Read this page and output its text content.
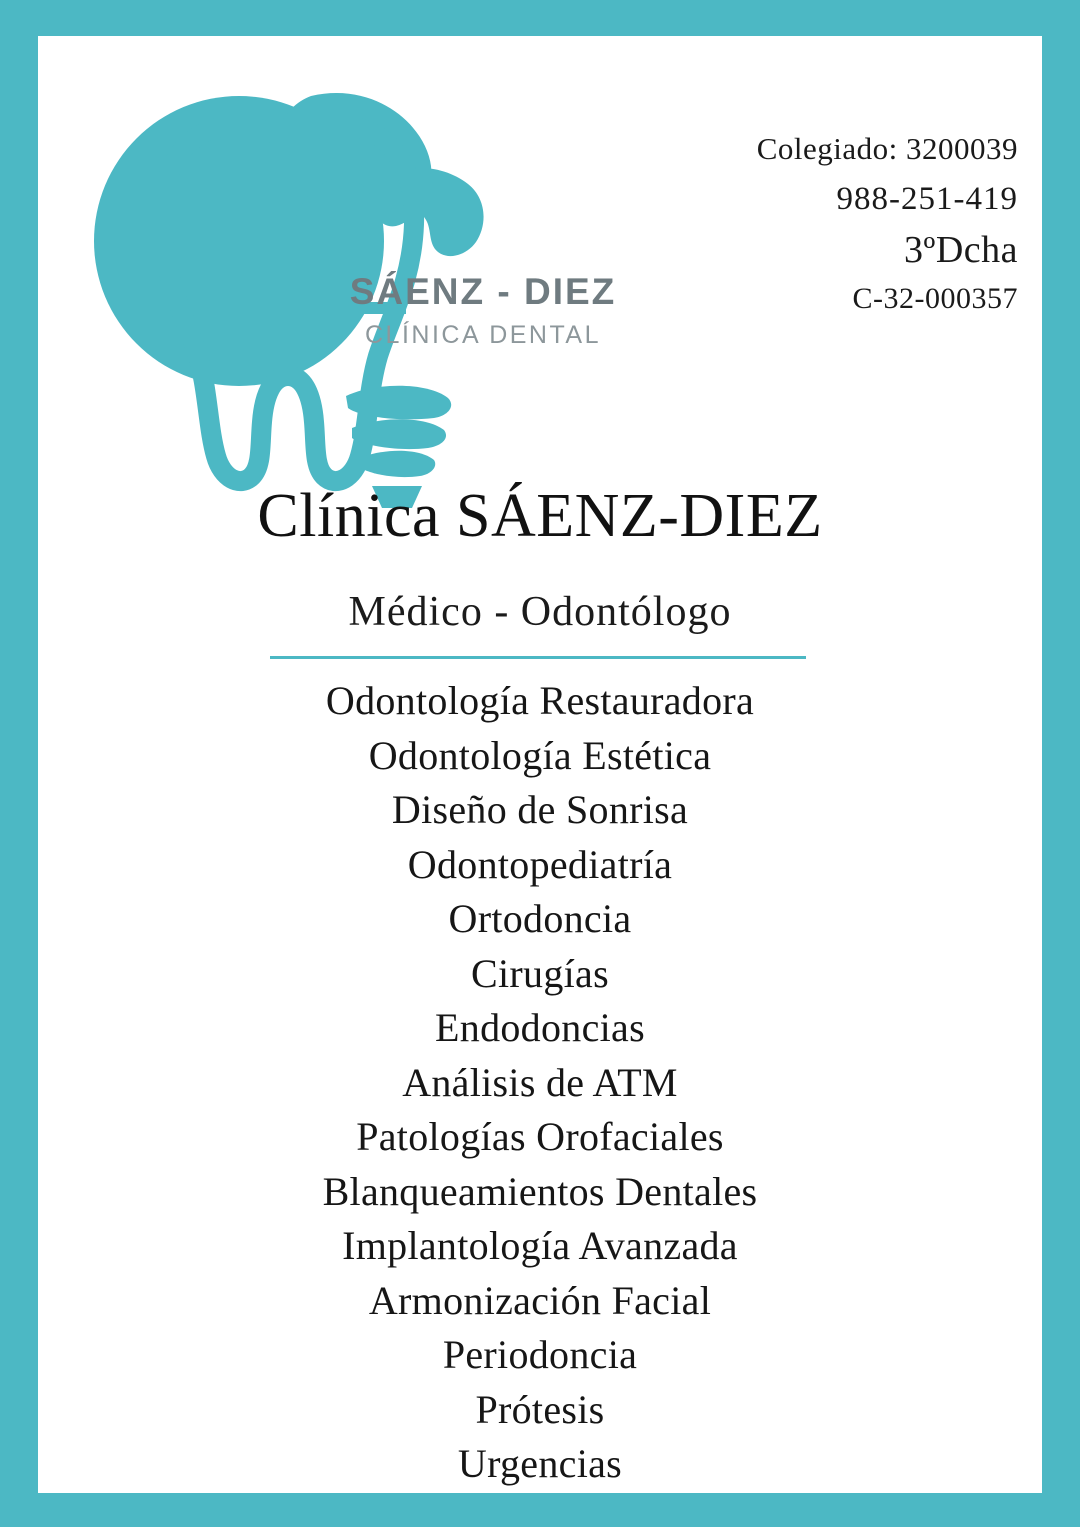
SÁENZ - DIEZ
CLÍNICA DENTAL
Colegiado: 3200039
988-251-419
3ºDcha
C-32-000357
Clínica SÁENZ-DIEZ
Médico - Odontólogo
Odontología Restauradora
Odontología Estética
Diseño de Sonrisa
Odontopediatría
Ortodoncia
Cirugías
Endodoncias
Análisis de ATM
Patologías Orofaciales
Blanqueamientos Dentales
Implantología Avanzada
Armonización Facial
Periodoncia
Prótesis
Urgencias
